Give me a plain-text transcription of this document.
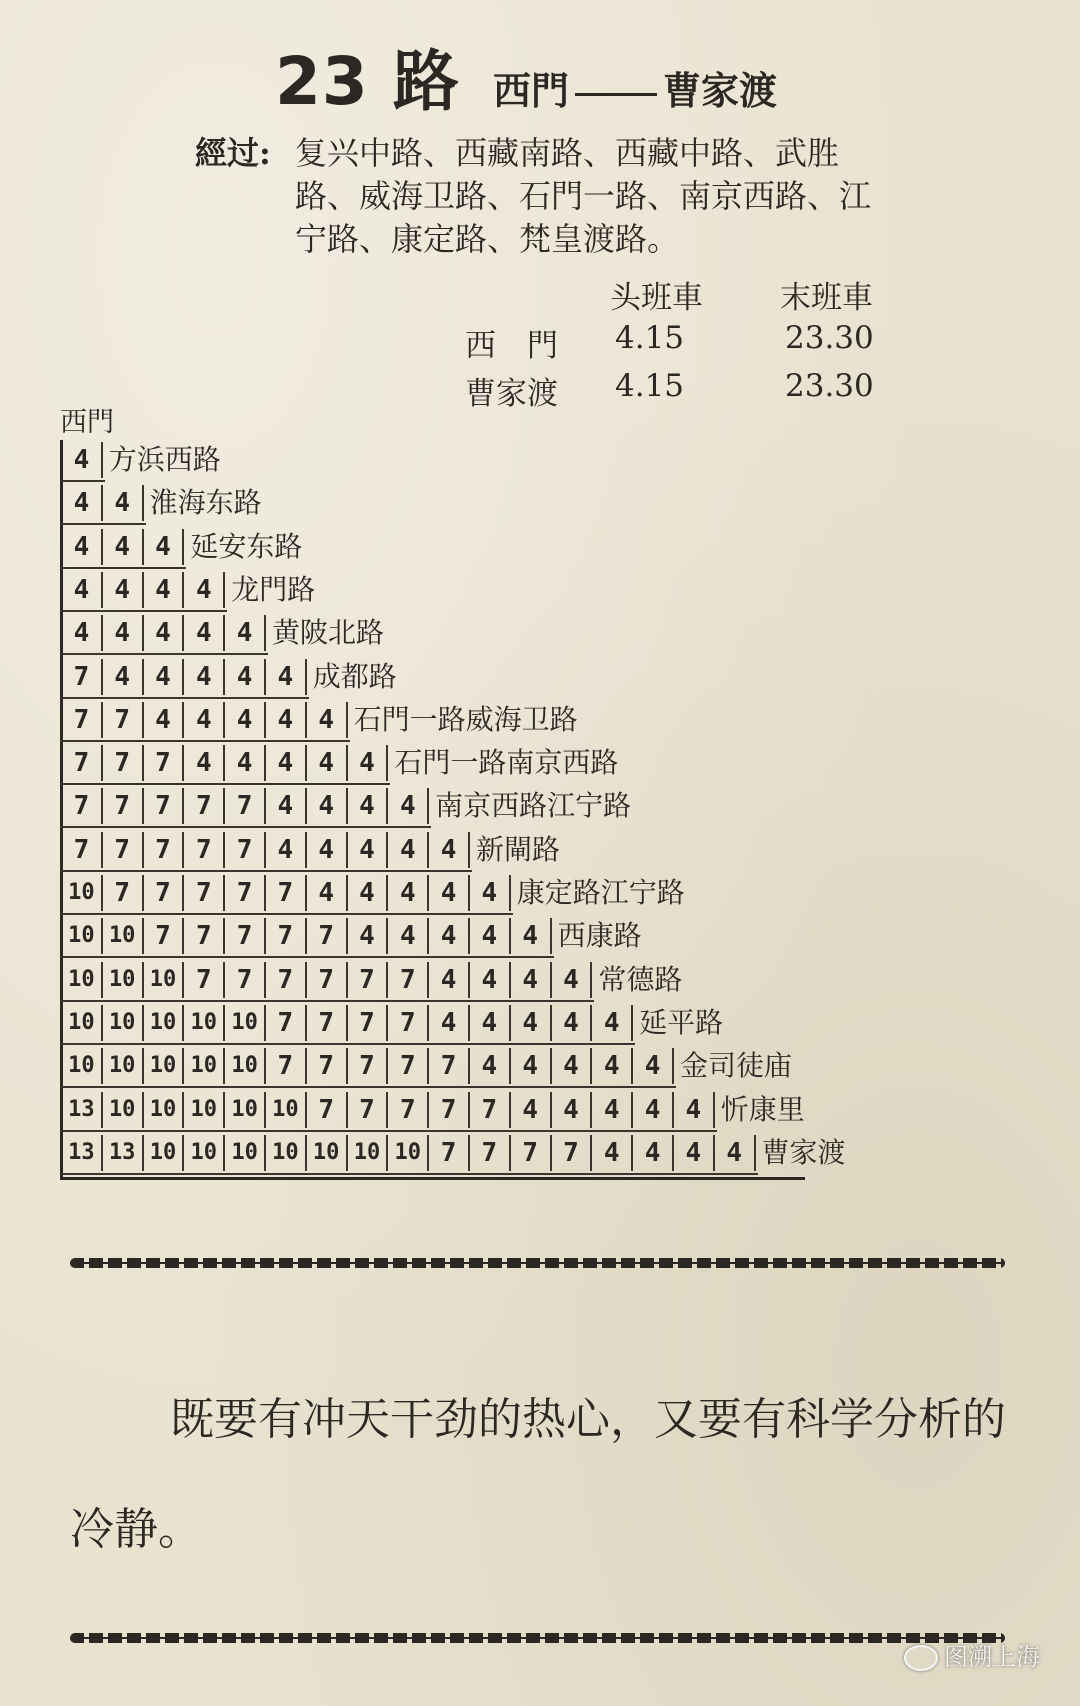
23 路 西門 曹家渡
經过: 复兴中路、西藏南路、西藏中路、武胜路、威海卫路、石門一路、南京西路、江宁路、康定路、梵皇渡路。
头班車 末班車
西　門	4.15	23.30
曹家渡	4.15	23.30
西門
4 方浜西路
4 4 淮海东路
4 4 4 延安东路
4 4 4 4 龙門路
4 4 4 4 4 黄陂北路
7 4 4 4 4 4 成都路
7 7 4 4 4 4 4 石門一路威海卫路
7 7 7 4 4 4 4 4 石門一路南京西路
7 7 7 7 7 4 4 4 4 南京西路江宁路
7 7 7 7 7 4 4 4 4 4 新閘路
10 7 7 7 7 7 4 4 4 4 4 康定路江宁路
10 10 7 7 7 7 7 4 4 4 4 4 西康路
10 10 10 7 7 7 7 7 7 4 4 4 4 常德路
10 10 10 10 10 7 7 7 7 4 4 4 4 4 延平路
10 10 10 10 10 7 7 7 7 7 4 4 4 4 4 金司徒庙
13 10 10 10 10 10 7 7 7 7 7 4 4 4 4 4 忻康里
13 13 10 10 10 10 10 10 10 7 7 7 7 4 4 4 4 曹家渡
既要有冲天干劲的热心，又要有科学分析的冷静。
图溯上海
